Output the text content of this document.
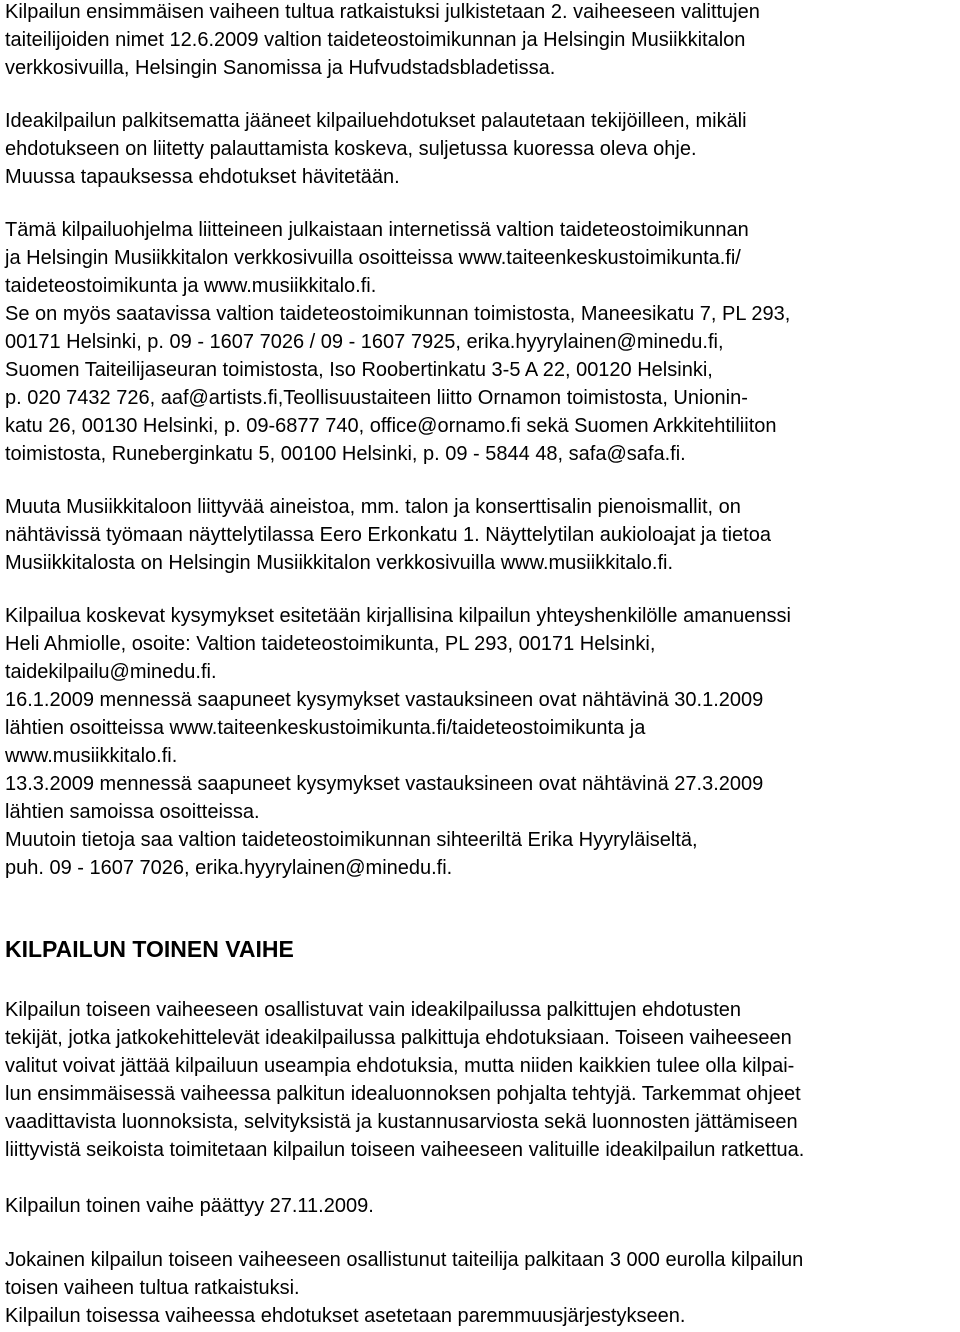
Kilpailun ensimmäisen vaiheen tultua ratkaistuksi julkistetaan 2. vaiheeseen valittujen
taiteilijoiden nimet 12.6.2009 valtion taideteostoimikunnan ja Helsingin Musiikkitalon
verkkosivuilla, Helsingin Sanomissa ja Hufvudstadsbladetissa.
Ideakilpailun palkitsematta jääneet kilpailuehdotukset palautetaan tekijöilleen, mikäli
ehdotukseen on liitetty palauttamista koskeva, suljetussa kuoressa oleva ohje.
Muussa tapauksessa ehdotukset hävitetään.
Tämä kilpailuohjelma liitteineen julkaistaan internetissä valtion taideteostoimikunnan
ja Helsingin Musiikkitalon verkkosivuilla osoitteissa www.taiteenkeskustoimikunta.fi/
taideteostoimikunta ja www.musiikkitalo.fi.
Se on myös saatavissa valtion taideteostoimikunnan toimistosta, Maneesikatu 7, PL 293,
00171 Helsinki, p. 09 - 1607 7026 / 09 - 1607 7925, erika.hyyrylainen@minedu.fi,
Suomen Taiteilijaseuran toimistosta, Iso Roobertinkatu 3-5 A 22, 00120 Helsinki,
p. 020 7432 726, aaf@artists.fi,Teollisuustaiteen liitto Ornamon toimistosta, Unionin-
katu 26, 00130 Helsinki, p. 09-6877 740, office@ornamo.fi sekä Suomen Arkkitehtiliiton
toimistosta, Runeberginkatu 5, 00100 Helsinki, p. 09 - 5844 48, safa@safa.fi.
Muuta Musiikkitaloon liittyvää aineistoa, mm. talon ja konserttisalin pienoismallit, on
nähtävissä työmaan näyttelytilassa Eero Erkonkatu 1. Näyttelytilan aukioloajat ja tietoa
Musiikkitalosta on Helsingin Musiikkitalon verkkosivuilla www.musiikkitalo.fi.
Kilpailua koskevat kysymykset esitetään kirjallisina kilpailun yhteyshenkilölle amanuenssi
Heli Ahmiolle, osoite: Valtion taideteostoimikunta, PL 293, 00171 Helsinki,
taidekilpailu@minedu.fi.
16.1.2009 mennessä saapuneet kysymykset vastauksineen ovat nähtävinä 30.1.2009
lähtien osoitteissa www.taiteenkeskustoimikunta.fi/taideteostoimikunta ja
www.musiikkitalo.fi.
13.3.2009 mennessä saapuneet kysymykset vastauksineen ovat nähtävinä 27.3.2009
lähtien samoissa osoitteissa.
Muutoin tietoja saa valtion taideteostoimikunnan sihteeriltä Erika Hyyryläiseltä,
puh. 09 - 1607 7026, erika.hyyrylainen@minedu.fi.
KILPAILUN TOINEN VAIHE
Kilpailun toiseen vaiheeseen osallistuvat vain ideakilpailussa palkittujen ehdotusten
tekijät, jotka jatkokehittelevät ideakilpailussa palkittuja ehdotuksiaan. Toiseen vaiheeseen
valitut voivat jättää kilpailuun useampia ehdotuksia, mutta niiden kaikkien tulee olla kilpai-
lun ensimmäisessä vaiheessa palkitun idealuonnoksen pohjalta tehtyjä. Tarkemmat ohjeet
vaadittavista luonnoksista, selvityksistä ja kustannusarviosta sekä luonnosten jättämiseen
liittyvistä seikoista toimitetaan kilpailun toiseen vaiheeseen valituille ideakilpailun ratkettua.
Kilpailun toinen vaihe päättyy 27.11.2009.
Jokainen kilpailun toiseen vaiheeseen osallistunut taiteilija palkitaan 3 000 eurolla kilpailun
toisen vaiheen tultua ratkaistuksi.
Kilpailun toisessa vaiheessa ehdotukset asetetaan paremmuusjärjestykseen.
